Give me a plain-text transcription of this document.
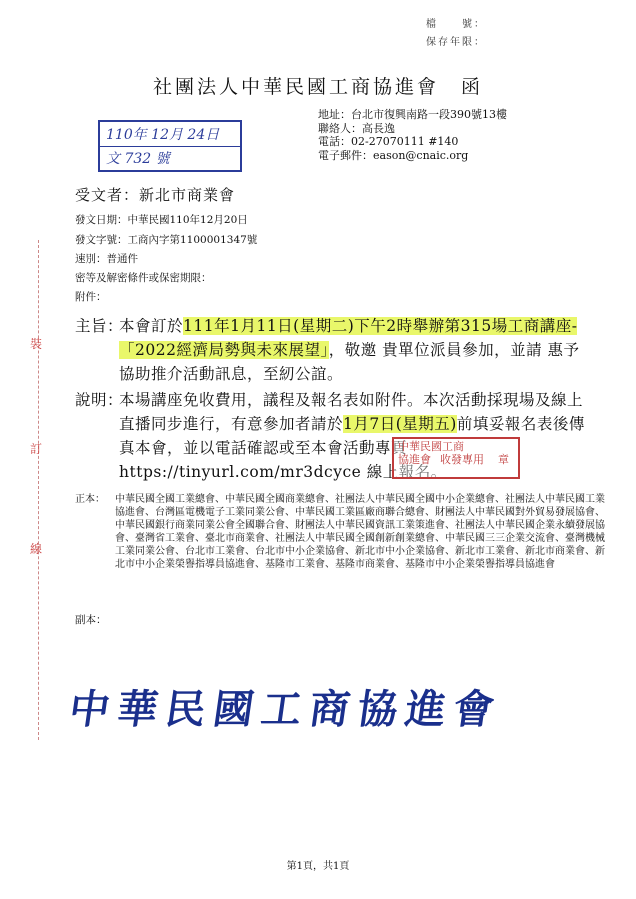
檔　　號：
保存年限：
社團法人中華民國工商協進會　函
110年 12月 24日
文 732 號
地址：台北市復興南路一段390號13樓
聯絡人：高長逸
電話：02-27070111 #140
電子郵件：eason@cnaic.org
受文者：新北市商業會
發文日期：中華民國110年12月20日
發文字號：工商內字第1100001347號
速別：普通件
密等及解密條件或保密期限：
附件：
裝
訂
線
主旨：
本會訂於111年1月11日(星期二)下午2時舉辦第315場工商講座-「2022經濟局勢與未來展望」，敬邀 貴單位派員參加，並請 惠予協助推介活動訊息，至紉公誼。
說明：
本場講座免收費用，議程及報名表如附件。本次活動採現場及線上直播同步進行，有意參加者請於1月7日(星期五)前填妥報名表後傳真本會，並以電話確認或至本會活動專頁https://tinyurl.com/mr3dcyce 線上報名。
中華民國工商
協進會 收發專用 章
正本： 中華民國全國工業總會、中華民國全國商業總會、社團法人中華民國全國中小企業總會、社團法人中華民國工業協進會、台灣區電機電子工業同業公會、中華民國工業區廠商聯合總會、財團法人中華民國對外貿易發展協會、中華民國銀行商業同業公會全國聯合會、財團法人中華民國資訊工業策進會、社團法人中華民國企業永續發展協會、臺灣省工業會、臺北市商業會、社團法人中華民國全國創新創業總會、中華民國三三企業交流會、臺灣機械工業同業公會、台北市工業會、台北市中小企業協會、新北市中小企業協會、新北市工業會、新北市商業會、新北市中小企業榮譽指導員協進會、基隆市工業會、基隆市商業會、基隆市中小企業榮譽指導員協進會
副本：
中華民國工商協進會
第1頁，共1頁
